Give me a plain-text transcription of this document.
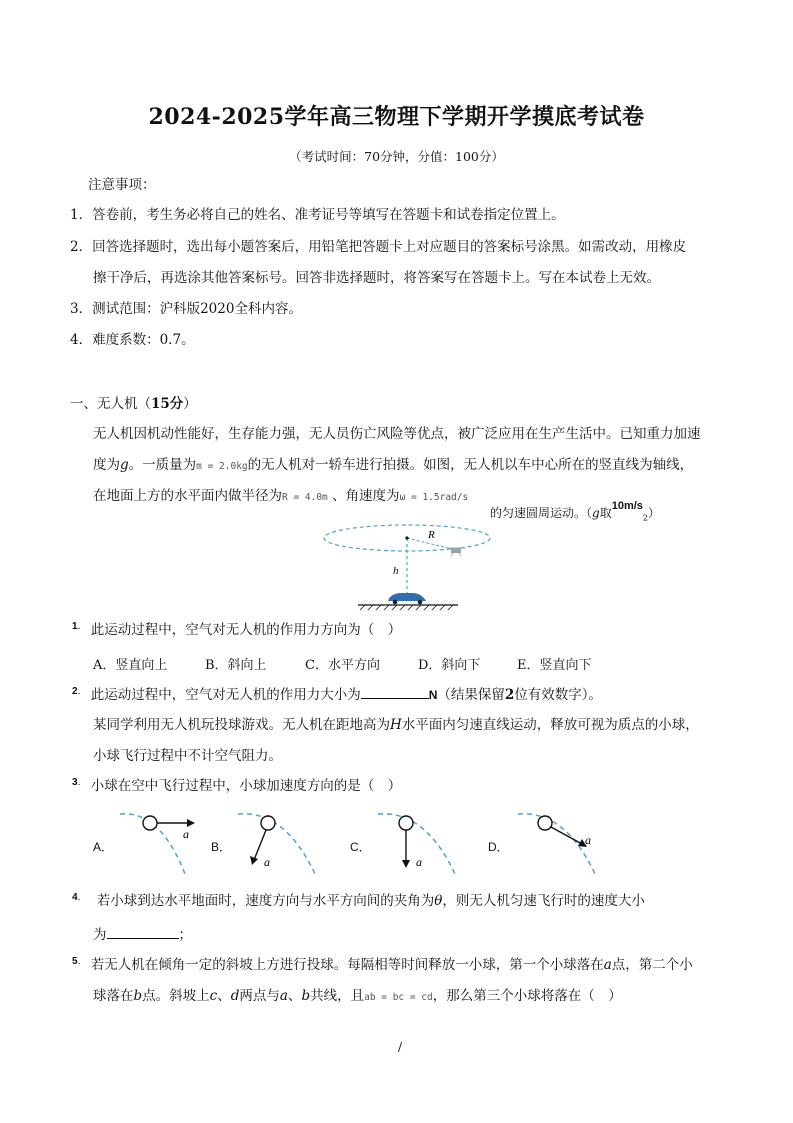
2024-2025学年高三物理下学期开学摸底考试卷
（考试时间：70分钟，分值：100分）
注意事项：
1．答卷前，考生务必将自己的姓名、准考证号等填写在答题卡和试卷指定位置上。
2．回答选择题时，选出每小题答案后，用铅笔把答题卡上对应题目的答案标号涂黑。如需改动，用橡皮
擦干净后，再选涂其他答案标号。回答非选择题时，将答案写在答题卡上。写在本试卷上无效。
3．测试范围：沪科版2020全科内容。
4．难度系数：0.7。
一、无人机（15分）
无人机因机动性能好，生存能力强，无人员伤亡风险等优点，被广泛应用在生产生活中。已知重力加速
度为g。一质量为m = 2.0kg的无人机对一轿车进行拍摄。如图，无人机以车中心所在的竖直线为轴线，
在地面上方的水平面内做半径为R = 4.0m 、角速度为ω = 1.5rad/s
的匀速圆周运动。（g取$^{10m/s}_2$）
R
h
$^{1.}$ 此运动过程中，空气对无人机的作用力方向为（　）
A．竖直向上	B．斜向上	C．水平方向	D．斜向下	E．竖直向下
$^{2.}$ 此运动过程中，空气对无人机的作用力大小为	N（结果保留2位有效数字）。
某同学利用无人机玩投球游戏。无人机在距地高为H水平面内匀速直线运动，释放可视为质点的小球，
小球飞行过程中不计空气阻力。
$^{3.}$ 小球在空中飞行过程中，小球加速度方向的是（　）
A．
a
B．
a
C．
a
D．	a
$^{4.}$ 若小球到达水平地面时，速度方向与水平方向间的夹角为θ，则无人机匀速飞行时的速度大小
为	；
$^{5.}$ 若无人机在倾角一定的斜坡上方进行投球。每隔相等时间释放一小球，第一个小球落在a点，第二个小
球落在b点。斜坡上c、d两点与a、b共线，且ab = bc = cd，那么第三个小球将落在（　）
/
